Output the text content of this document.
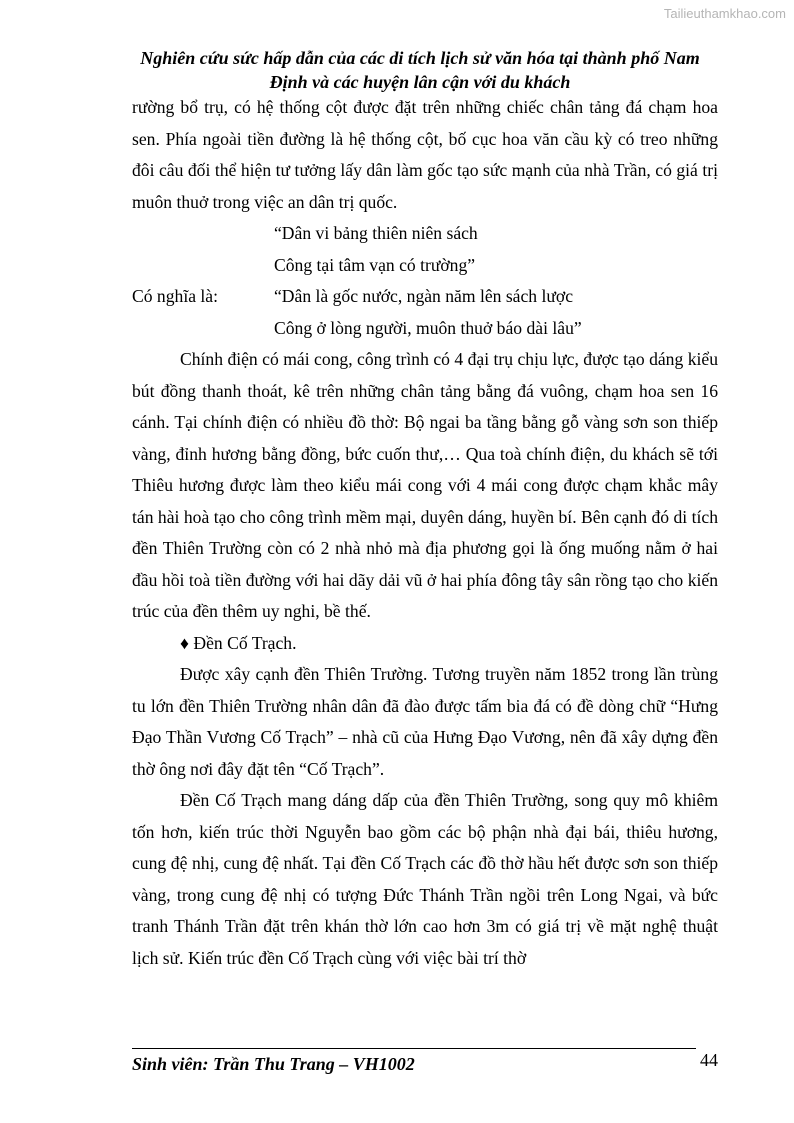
Tailieuthamkhao.com
Nghiên cứu sức hấp dẫn của các di tích lịch sử văn hóa tại thành phố Nam
Định và các huyện lân cận với du khách

rường bổ trụ, có hệ thống cột được đặt trên những chiếc chân tảng đá chạm hoa sen. Phía ngoài tiền đường là hệ thống cột, bố cục hoa văn cầu kỳ có treo những đôi câu đối thể hiện tư tưởng lấy dân làm gốc tạo sức mạnh của nhà Trần, có giá trị muôn thuở trong việc an dân trị quốc.

“Dân vi bảng thiên niên sách
Công tại tâm vạn có trường”
Có nghĩa là:	“Dân là gốc nước, ngàn năm lên sách lược
Công ở lòng người, muôn thuở báo dài lâu”

Chính điện có mái cong, công trình có 4 đại trụ chịu lực, được tạo dáng kiểu bút đồng thanh thoát, kê trên những chân tảng bằng đá vuông, chạm hoa sen 16 cánh. Tại chính điện có nhiều đồ thờ: Bộ ngai ba tầng bằng gỗ vàng sơn son thiếp vàng, đỉnh hương bằng đồng, bức cuốn thư,… Qua toà chính điện, du khách sẽ tới Thiêu hương được làm theo kiểu mái cong với 4 mái cong được chạm khắc mây tán hài hoà tạo cho công trình mềm mại, duyên dáng, huyền bí. Bên cạnh đó di tích đền Thiên Trường còn có 2 nhà nhỏ mà địa phương gọi là ống muống nằm ở hai đầu hồi toà tiền đường với hai dãy dải vũ ở hai phía đông tây sân rồng tạo cho kiến trúc của đền thêm uy nghi, bề thế.

♦ Đền Cố Trạch.

Được xây cạnh đền Thiên Trường. Tương truyền năm 1852 trong lần trùng tu lớn đền Thiên Trường nhân dân đã đào được tấm bia đá có đề dòng chữ “Hưng Đạo Thần Vương Cố Trạch” – nhà cũ của Hưng Đạo Vương, nên đã xây dựng đền thờ ông nơi đây đặt tên “Cố Trạch”.

Đền Cố Trạch mang dáng dấp của đền Thiên Trường, song quy mô khiêm tốn hơn, kiến trúc thời Nguyễn bao gồm các bộ phận nhà đại bái, thiêu hương, cung đệ nhị, cung đệ nhất. Tại đền Cố Trạch các đồ thờ hầu hết được sơn son thiếp vàng, trong cung đệ nhị có tượng Đức Thánh Trần ngồi trên Long Ngai, và bức tranh Thánh Trần đặt trên khán thờ lớn cao hơn 3m có giá trị về mặt nghệ thuật lịch sử. Kiến trúc đền Cố Trạch cùng với việc bài trí thờ

Sinh viên: Trần Thu Trang – VH1002	44
